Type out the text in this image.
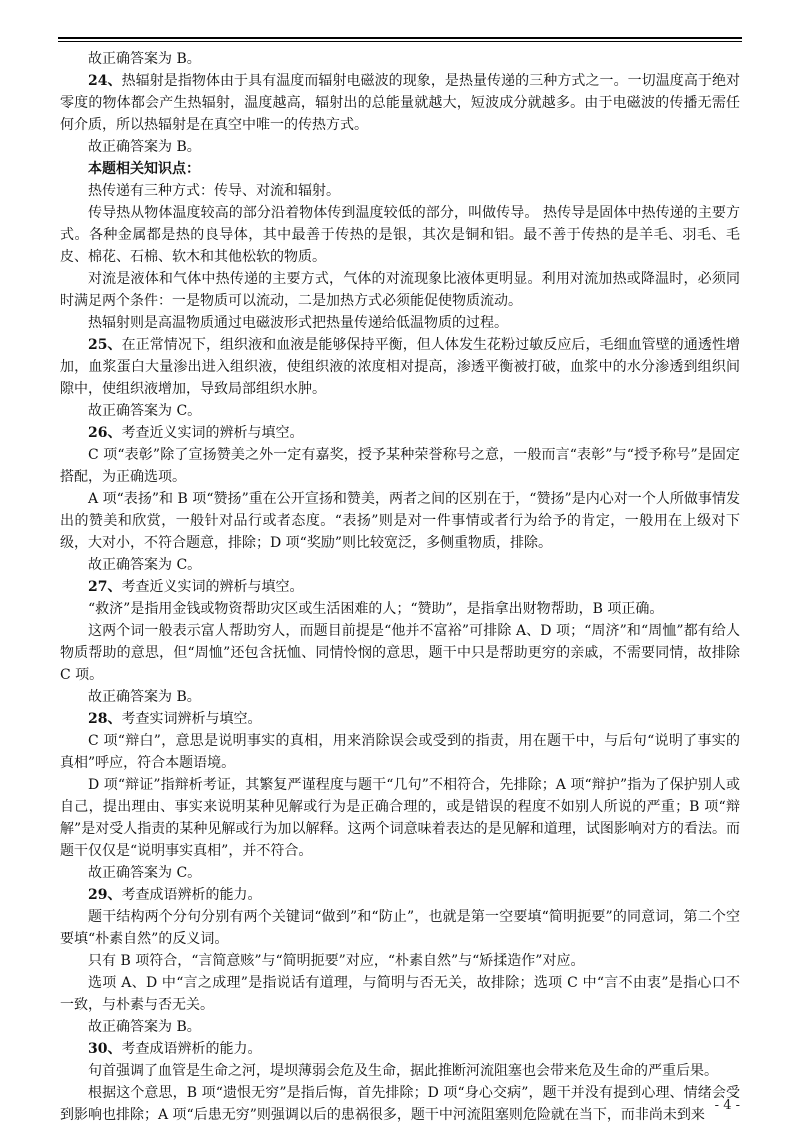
故正确答案为 B。

24、热辐射是指物体由于具有温度而辐射电磁波的现象，是热量传递的三种方式之一。一切温度高于绝对零度的物体都会产生热辐射，温度越高，辐射出的总能量就越大，短波成分就越多。由于电磁波的传播无需任何介质，所以热辐射是在真空中唯一的传热方式。

故正确答案为 B。

本题相关知识点：

热传递有三种方式：传导、对流和辐射。

传导热从物体温度较高的部分沿着物体传到温度较低的部分，叫做传导。 热传导是固体中热传递的主要方式。各种金属都是热的良导体，其中最善于传热的是银，其次是铜和铝。最不善于传热的是羊毛、羽毛、毛皮、棉花、石棉、软木和其他松软的物质。

对流是液体和气体中热传递的主要方式，气体的对流现象比液体更明显。利用对流加热或降温时，必须同时满足两个条件：一是物质可以流动，二是加热方式必须能促使物质流动。

热辐射则是高温物质通过电磁波形式把热量传递给低温物质的过程。

25、在正常情况下，组织液和血液是能够保持平衡，但人体发生花粉过敏反应后，毛细血管壁的通透性增加，血浆蛋白大量渗出进入组织液，使组织液的浓度相对提高，渗透平衡被打破，血浆中的水分渗透到组织间隙中，使组织液增加，导致局部组织水肿。

故正确答案为 C。

26、考查近义实词的辨析与填空。

C 项“表彰”除了宣扬赞美之外一定有嘉奖，授予某种荣誉称号之意，一般而言“表彰”与“授予称号”是固定搭配，为正确选项。

A 项“表扬”和 B 项“赞扬”重在公开宣扬和赞美，两者之间的区别在于，“赞扬”是内心对一个人所做事情发出的赞美和欣赏，一般针对品行或者态度。“表扬”则是对一件事情或者行为给予的肯定，一般用在上级对下级，大对小，不符合题意，排除；D 项“奖励”则比较宽泛，多侧重物质，排除。

故正确答案为 C。

27、考查近义实词的辨析与填空。

“救济”是指用金钱或物资帮助灾区或生活困难的人；“赞助”，是指拿出财物帮助，B 项正确。

这两个词一般表示富人帮助穷人，而题目前提是“他并不富裕”可排除 A、D 项；“周济”和“周恤”都有给人物质帮助的意思，但“周恤”还包含抚恤、同情怜悯的意思，题干中只是帮助更穷的亲戚，不需要同情，故排除 C 项。

故正确答案为 B。

28、考查实词辨析与填空。

C 项“辩白”，意思是说明事实的真相，用来消除误会或受到的指责，用在题干中，与后句“说明了事实的真相”呼应，符合本题语境。

D 项“辩证”指辩析考证，其繁复严谨程度与题干“几句”不相符合，先排除；A 项“辩护”指为了保护别人或自己，提出理由、事实来说明某种见解或行为是正确合理的，或是错误的程度不如别人所说的严重；B 项“辩解”是对受人指责的某种见解或行为加以解释。这两个词意味着表达的是见解和道理，试图影响对方的看法。而题干仅仅是“说明事实真相”，并不符合。

故正确答案为 C。

29、考查成语辨析的能力。

题干结构两个分句分别有两个关键词“做到”和“防止”，也就是第一空要填“简明扼要”的同意词，第二个空要填“朴素自然”的反义词。

只有 B 项符合，“言简意赅”与“简明扼要”对应，“朴素自然”与“矫揉造作”对应。

选项 A、D 中“言之成理”是指说话有道理，与简明与否无关，故排除；选项 C 中“言不由衷”是指心口不一致，与朴素与否无关。

故正确答案为 B。

30、考查成语辨析的能力。

句首强调了血管是生命之河，堤坝薄弱会危及生命，据此推断河流阻塞也会带来危及生命的严重后果。

根据这个意思，B 项“遗恨无穷”是指后悔，首先排除；D 项“身心交病”，题干并没有提到心理、情绪会受到影响也排除；A 项“后患无穷”则强调以后的患祸很多，题干中河流阻塞则危险就在当下，而非尚未到来

- 4 -
